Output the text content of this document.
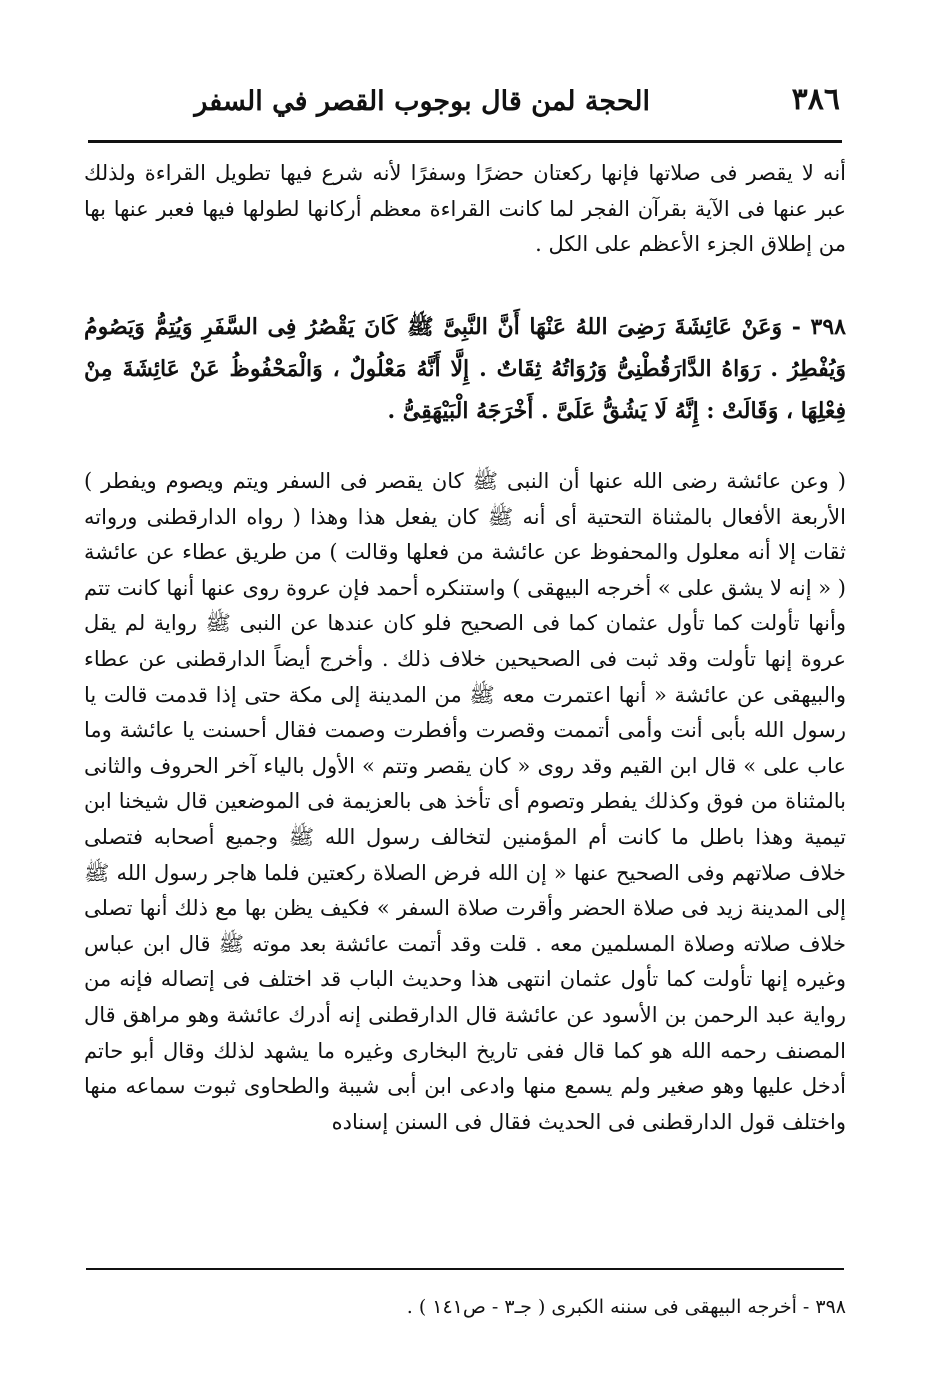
٣٨٦
الحجة لمن قال بوجوب القصر في السفر

أنه لا يقصر فى صلاتها فإنها ركعتان حضرًا وسفرًا لأنه شرع فيها تطويل القراءة ولذلك عبر عنها فى الآية بقرآن الفجر لما كانت القراءة معظم أركانها لطولها فيها فعبر عنها بها من إطلاق الجزء الأعظم على الكل .

٣٩٨ - وَعَنْ عَائِشَةَ رَضِىَ اللهُ عَنْهَا أَنَّ النَّبِىَّ ﷺ كَانَ يَقْصُرُ فِى السَّفَرِ وَيُتِمُّ وَيَصُومُ وَيُفْطِرُ . رَوَاهُ الدَّارَقُطْنِىُّ وَرُوَاتُهُ ثِقَاتٌ . إِلَّا أَنَّهُ مَعْلُولٌ ، وَالْمَحْفُوظُ عَنْ عَائِشَةَ مِنْ فِعْلِهَا ، وَقَالَتْ : إِنَّهُ لَا يَشُقُّ عَلَىَّ . أَخْرَجَهُ الْبَيْهَقِىُّ .

( وعن عائشة رضى الله عنها أن النبى ﷺ كان يقصر فى السفر ويتم ويصوم ويفطر ) الأربعة الأفعال بالمثناة التحتية أى أنه ﷺ كان يفعل هذا وهذا ( رواه الدارقطنى ورواته ثقات إلا أنه معلول والمحفوظ عن عائشة من فعلها وقالت ) من طريق عطاء عن عائشة ( « إنه لا يشق على » أخرجه البيهقى ) واستنكره أحمد فإن عروة روى عنها أنها كانت تتم وأنها تأولت كما تأول عثمان كما فى الصحيح فلو كان عندها عن النبى ﷺ رواية لم يقل عروة إنها تأولت وقد ثبت فى الصحيحين خلاف ذلك . وأخرج أيضاً الدارقطنى عن عطاء والبيهقى عن عائشة « أنها اعتمرت معه ﷺ من المدينة إلى مكة حتى إذا قدمت قالت يا رسول الله بأبى أنت وأمى أتممت وقصرت وأفطرت وصمت فقال أحسنت يا عائشة وما عاب على » قال ابن القيم وقد روى « كان يقصر وتتم » الأول بالياء آخر الحروف والثانى بالمثناة من فوق وكذلك يفطر وتصوم أى تأخذ هى بالعزيمة فى الموضعين قال شيخنا ابن تيمية وهذا باطل ما كانت أم المؤمنين لتخالف رسول الله ﷺ وجميع أصحابه فتصلى خلاف صلاتهم وفى الصحيح عنها « إن الله فرض الصلاة ركعتين فلما هاجر رسول الله ﷺ إلى المدينة زيد فى صلاة الحضر وأقرت صلاة السفر » فكيف يظن بها مع ذلك أنها تصلى خلاف صلاته وصلاة المسلمين معه . قلت وقد أتمت عائشة بعد موته ﷺ قال ابن عباس وغيره إنها تأولت كما تأول عثمان انتهى هذا وحديث الباب قد اختلف فى إتصاله فإنه من رواية عبد الرحمن بن الأسود عن عائشة قال الدارقطنى إنه أدرك عائشة وهو مراهق قال المصنف رحمه الله هو كما قال ففى تاريخ البخارى وغيره ما يشهد لذلك وقال أبو حاتم أدخل عليها وهو صغير ولم يسمع منها وادعى ابن أبى شيبة والطحاوى ثبوت سماعه منها واختلف قول الدارقطنى فى الحديث فقال فى السنن إسناده

٣٩٨ - أخرجه البيهقى فى سننه الكبرى ( جـ٣ - ص١٤١ ) .
